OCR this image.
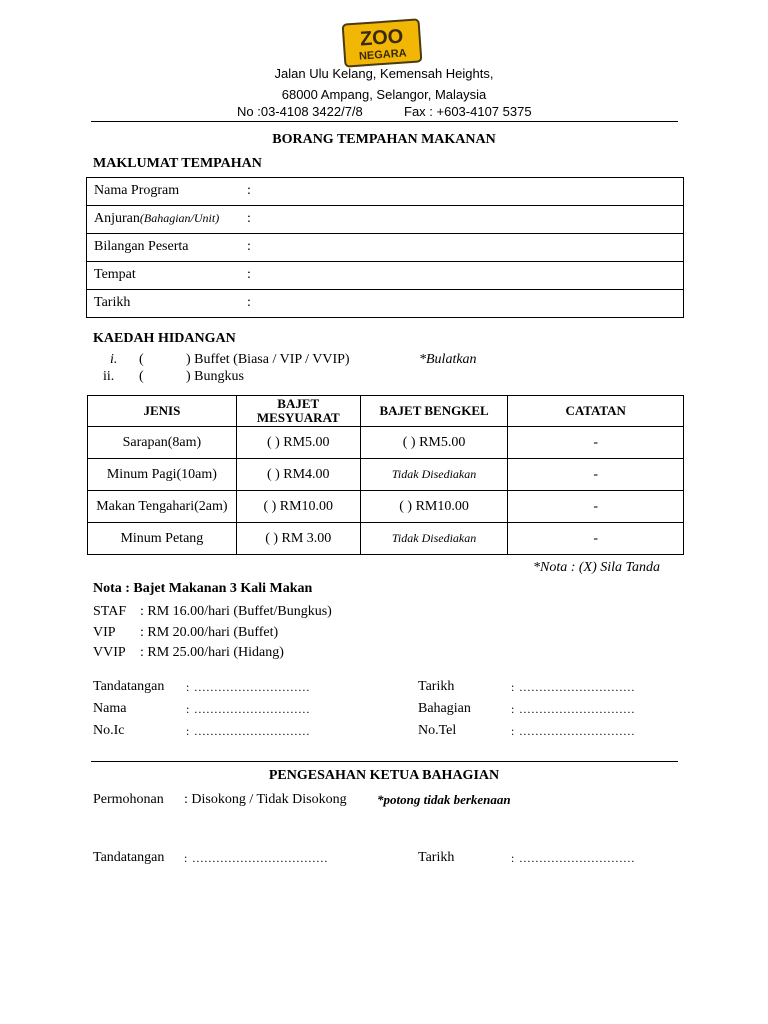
ZOO
NEGARA
Jalan Ulu Kelang, Kemensah Heights,
68000 Ampang, Selangor, Malaysia
No :03-4108 3422/7/8	Fax : +603-4107 5375
BORANG TEMPAHAN MAKANAN
MAKLUMAT TEMPAHAN
Nama Program	:
Anjuran(Bahagian/Unit) :
Bilangan Peserta	:
Tempat	:
Tarikh	:
KAEDAH HIDANGAN
i. (	) Buffet (Biasa / VIP / VVIP)	*Bulatkan
ii. (	) Bungkus
JENIS	BAJET MESYUARAT	BAJET BENGKEL	CATATAN
Sarapan(8am)	( ) RM5.00	( ) RM5.00	-
Minum Pagi(10am)	( ) RM4.00	Tidak Disediakan	-
Makan Tengahari(2am)	( ) RM10.00	( ) RM10.00	-
Minum Petang	( ) RM 3.00	Tidak Disediakan	-
*Nota : (X) Sila Tanda
Nota : Bajet Makanan 3 Kali Makan
STAF : RM 16.00/hari (Buffet/Bungkus)
VIP : RM 20.00/hari (Buffet)
VVIP : RM 25.00/hari (Hidang)
Tandatangan : .............................
Nama	: .............................
No.Ic	: .............................
Tarikh	: .............................
Bahagian	: .............................
No.Tel	: .............................
PENGESAHAN KETUA BAHAGIAN
Permohonan : Disokong / Tidak Disokong *potong tidak berkenaan
Tandatangan : ..................................	Tarikh	: .............................
